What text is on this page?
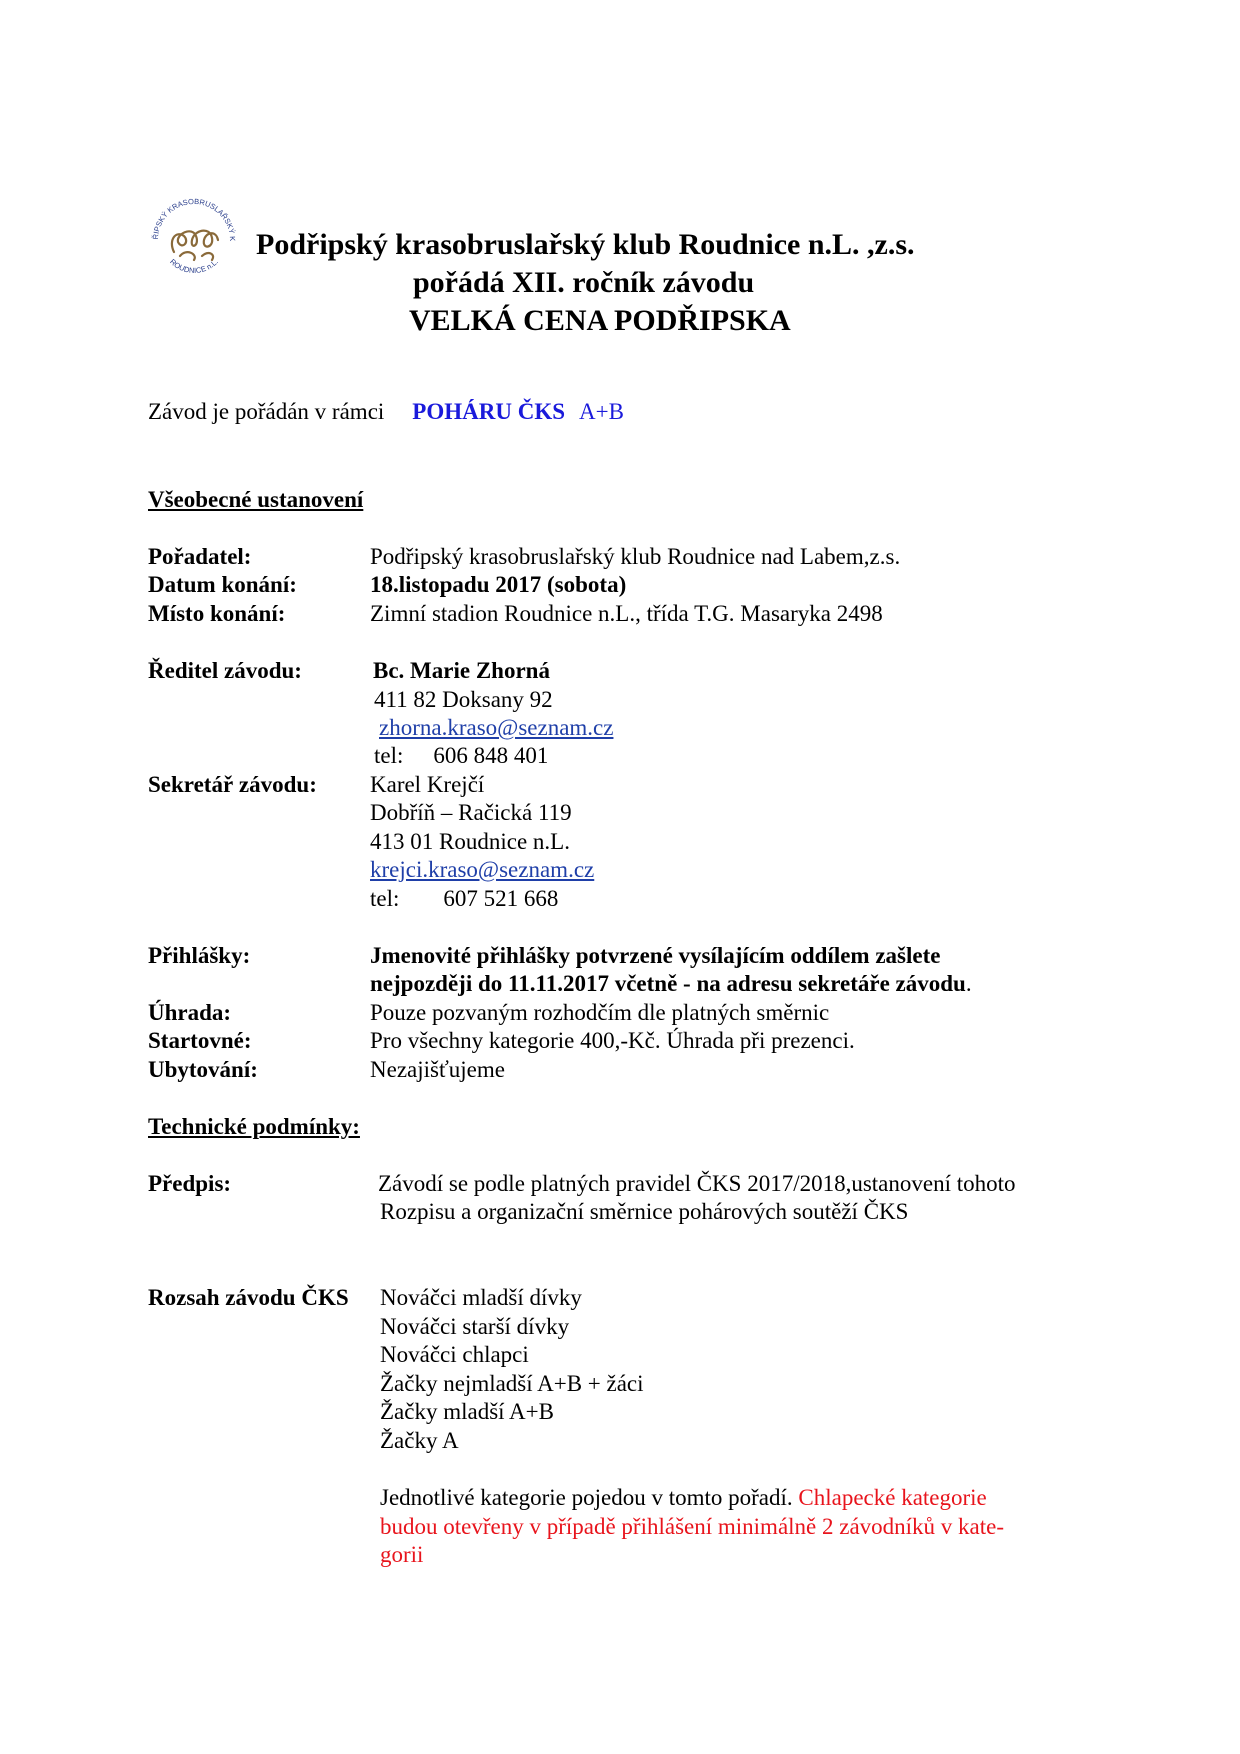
ŘIPSKÝ KRASOBRUSLAŘSKÝ K
ROUDNICE n.L.
Podřipský krasobruslařský klub Roudnice n.L. ,z.s.
pořádá XII. ročník závodu
VELKÁ CENA PODŘIPSKA
Závod je pořádán v rámci POHÁRU ČKS A+B
Všeobecné ustanovení
Pořadatel:	Podřipský krasobruslařský klub Roudnice nad Labem,z.s.
Datum konání:	18.listopadu 2017 (sobota)
Místo konání:	Zimní stadion Roudnice n.L., třída T.G. Masaryka 2498
Ředitel závodu:	Bc. Marie Zhorná
411 82 Doksany 92
zhorna.kraso@seznam.cz
tel: 606 848 401
Sekretář závodu: Karel Krejčí
Dobříň – Račická 119
413 01 Roudnice n.L.
krejci.kraso@seznam.cz
tel: 607 521 668
Přihlášky:	Jmenovité přihlášky potvrzené vysílajícím oddílem zašlete
nejpozději do 11.11.2017 včetně - na adresu sekretáře závodu.
Úhrada:	Pouze pozvaným rozhodčím dle platných směrnic
Startovné:	Pro všechny kategorie 400,-Kč. Úhrada při prezenci.
Ubytování:	Nezajišťujeme
Technické podmínky:
Předpis:	Závodí se podle platných pravidel ČKS 2017/2018,ustanovení tohoto
Rozpisu a organizační směrnice pohárových soutěží ČKS
Rozsah závodu ČKS Nováčci mladší dívky
Nováčci starší dívky
Nováčci chlapci
Žačky nejmladší A+B + žáci
Žačky mladší A+B
Žačky A
Jednotlivé kategorie pojedou v tomto pořadí. Chlapecké kategorie
budou otevřeny v případě přihlášení minimálně 2 závodníků v kate-
gorii
